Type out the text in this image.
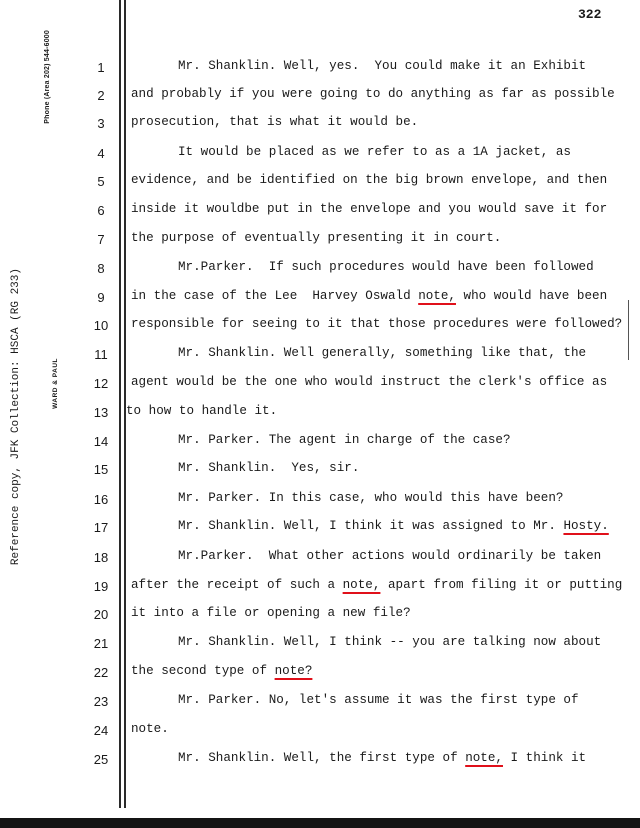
322
Phone (Area 202) 544-6000
Reference copy, JFK Collection: HSCA (RG 233)	WARD & PAUL
1	Mr. Shanklin. Well, yes.  You could make it an Exhibit
2	and probably if you were going to do anything as far as possible
3	prosecution, that is what it would be.
4	It would be placed as we refer to as a 1A jacket, as
5	evidence, and be identified on the big brown envelope, and then
6	inside it wouldbe put in the envelope and you would save it for
7	the purpose of eventually presenting it in court.
8	Mr.Parker.  If such procedures would have been followed
9	in the case of the Lee  Harvey Oswald note, who would have been
10 responsible for seeing to it that those procedures were followed?
11	Mr. Shanklin. Well generally, something like that, the
12 agent would be the one who would instruct the clerk's office as
13 to how to handle it.
14	Mr. Parker. The agent in charge of the case?
15	Mr. Shanklin.  Yes, sir.
16	Mr. Parker. In this case, who would this have been?
17	Mr. Shanklin. Well, I think it was assigned to Mr. Hosty.
18	Mr.Parker.  What other actions would ordinarily be taken
19 after the receipt of such a note, apart from filing it or putting
20 it into a file or opening a new file?
21	Mr. Shanklin. Well, I think -- you are talking now about
22 the second type of note?
23	Mr. Parker. No, let's assume it was the first type of
24 note.
25	Mr. Shanklin. Well, the first type of note, I think it
